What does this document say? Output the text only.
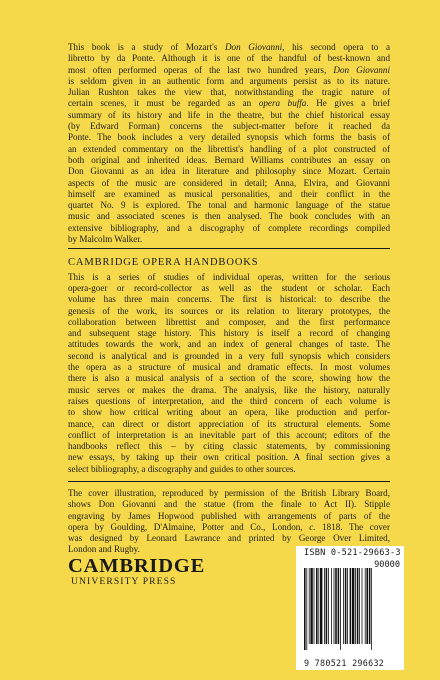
This book is a study of Mozart's Don Giovanni, his second opera to a
libretto by da Ponte. Although it is one of the handful of best-known and
most often performed operas of the last two hundred years, Don Giovanni
is seldom given in an authentic form and arguments persist as to its nature.
Julian Rushton takes the view that, notwithstanding the tragic nature of
certain scenes, it must be regarded as an opera buffa. He gives a brief
summary of its history and life in the theatre, but the chief historical essay
(by Edward Forman) concerns the subject-matter before it reached da
Ponte. The book includes a very detailed synopsis which forms the basis of
an extended commentary on the librettist's handling of a plot constructed of
both original and inherited ideas. Bernard Williams contributes an essay on
Don Giovanni as an idea in literature and philosophy since Mozart. Certain
aspects of the music are considered in detail; Anna, Elvira, and Giovanni
himself are examined as musical personalities, and their conflict in the
quartet No. 9 is explored. The tonal and harmonic language of the statue
music and associated scenes is then analysed. The book concludes with an
extensive bibliography, and a discography of complete recordings compiled
by Malcolm Walker.
CAMBRIDGE OPERA HANDBOOKS
This is a series of studies of individual operas, written for the serious
opera-goer or record-collector as well as the student or scholar. Each
volume has three main concerns. The first is historical: to describe the
genesis of the work, its sources or its relation to literary prototypes, the
collaboration between librettist and composer, and the first performance
and subsequent stage history. This history is itself a record of changing
attitudes towards the work, and an index of general changes of taste. The
second is analytical and is grounded in a very full synopsis which considers
the opera as a structure of musical and dramatic effects. In most volumes
there is also a musical analysis of a section of the score, showing how the
music serves or makes the drama. The analysis, like the history, naturally
raises questions of interpretation, and the third concern of each volume is
to show how critical writing about an opera, like production and perfor-
mance, can direct or distort appreciation of its structural elements. Some
conflict of interpretation is an inevitable part of this account; editors of the
handbooks reflect this – by citing classic statements, by commissioning
new essays, by taking up their own critical position. A final section gives a
select bibliography, a discography and guides to other sources.
The cover illustration, reproduced by permission of the British Library Board,
shows Don Giovanni and the statue (from the finale to Act II). Stipple
engraving by James Hopwood published with arrangements of parts of the
opera by Goulding, D'Almaine, Potter and Co., London, c. 1818. The cover
was designed by Leonard Lawrance and printed by George Over Limited,
London and Rugby.
CAMBRIDGE
UNIVERSITY PRESS
ISBN 0-521-29663-3
90000
9 780521 296632
